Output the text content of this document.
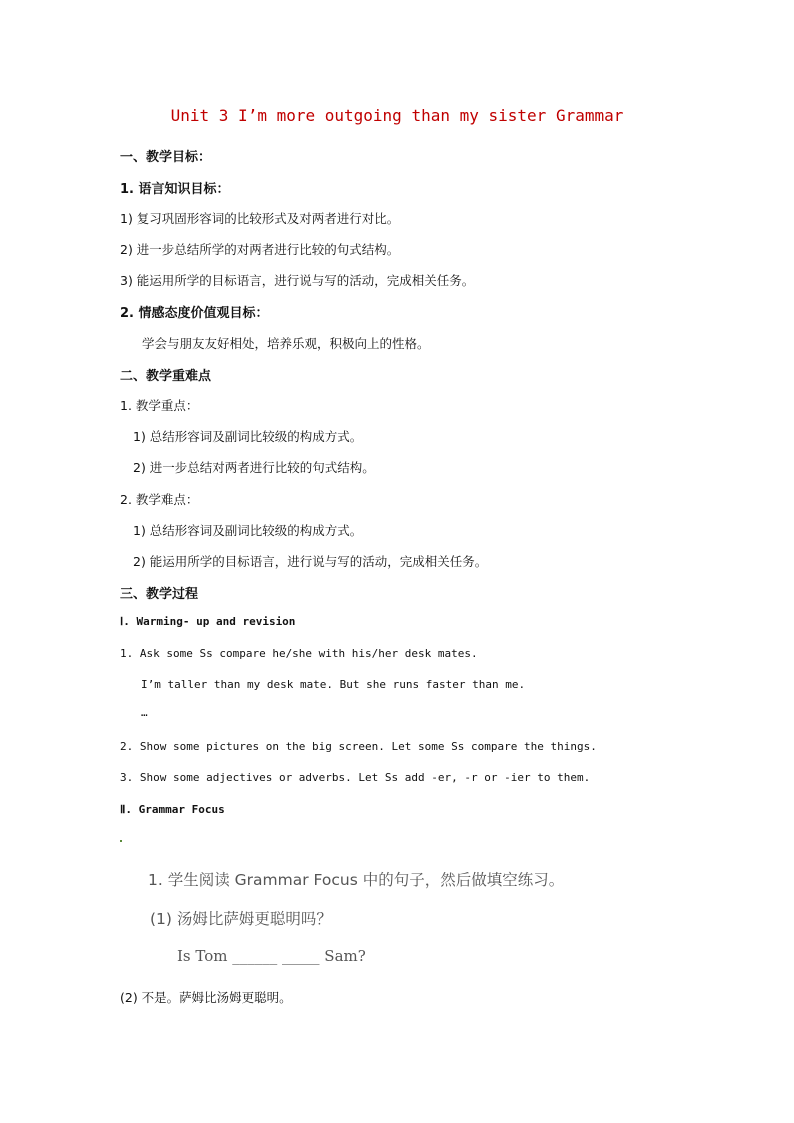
Unit 3 I’m more outgoing than my sister Grammar
一、教学目标：
1. 语言知识目标：
1) 复习巩固形容词的比较形式及对两者进行对比。
2) 进一步总结所学的对两者进行比较的句式结构。
3) 能运用所学的目标语言，进行说与写的活动，完成相关任务。
2. 情感态度价值观目标：
学会与朋友友好相处，培养乐观，积极向上的性格。
二、教学重难点
1. 教学重点：
1) 总结形容词及副词比较级的构成方式。
2) 进一步总结对两者进行比较的句式结构。
2. 教学难点：
1) 总结形容词及副词比较级的构成方式。
2) 能运用所学的目标语言，进行说与写的活动，完成相关任务。
三、教学过程
Ⅰ. Warming- up and revision
1. Ask some Ss compare he/she with his/her desk mates.
I’m taller than my desk mate. But she runs faster than me.
…
2. Show some pictures on the big screen. Let some Ss compare the things.
3. Show some adjectives or adverbs. Let Ss add -er, -r or -ier to them.
Ⅱ. Grammar Focus
1. 学生阅读 Grammar Focus 中的句子，然后做填空练习。
(1) 汤姆比萨姆更聪明吗？
Is Tom ______ _____ Sam?
(2) 不是。萨姆比汤姆更聪明。
